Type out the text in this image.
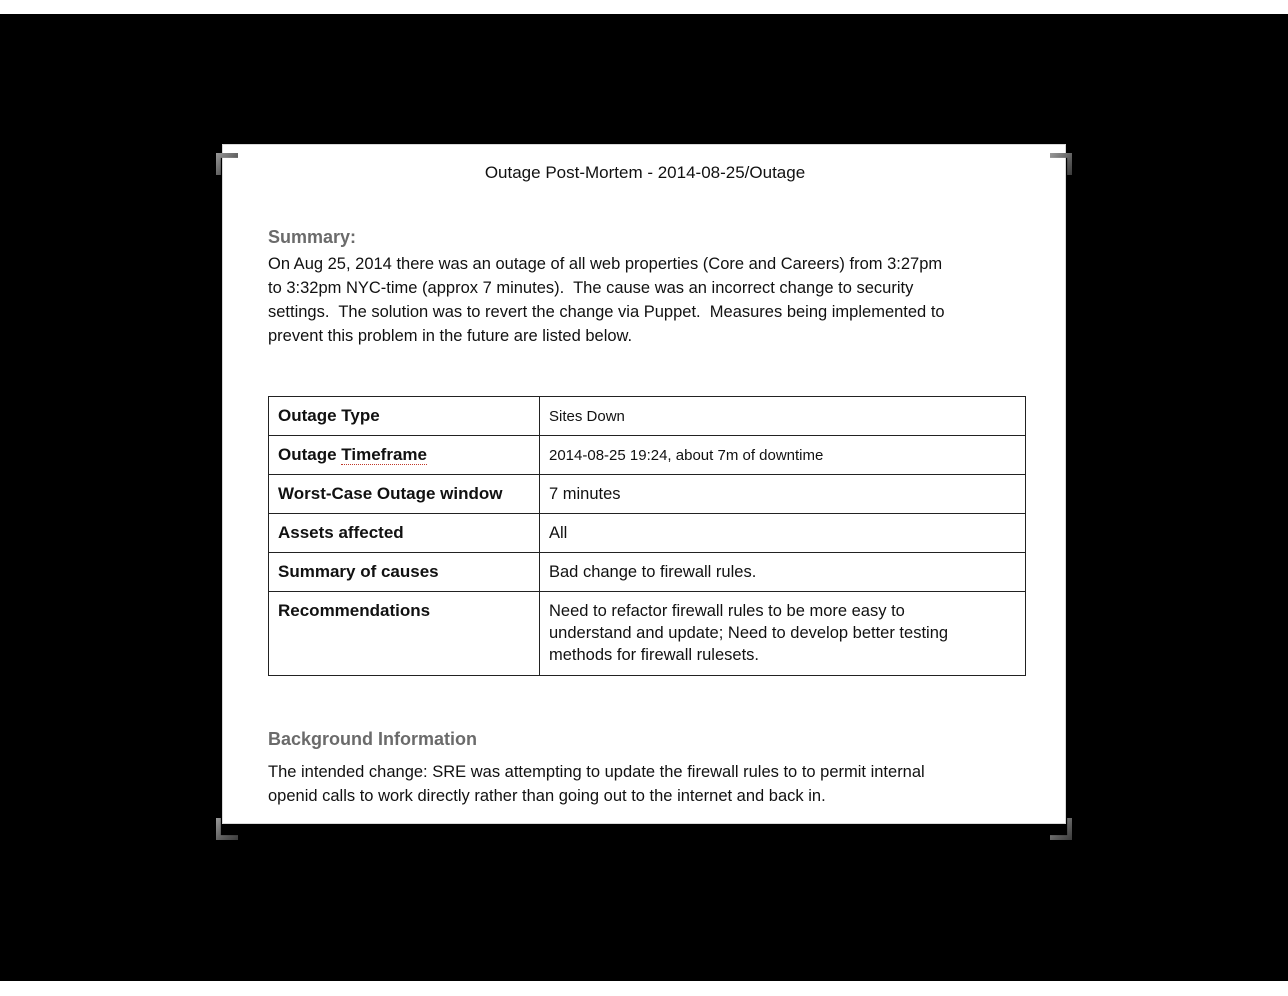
Outage Post-Mortem - 2014-08-25/Outage
Summary:
On Aug 25, 2014 there was an outage of all web properties (Core and Careers) from 3:27pm
to 3:32pm NYC-time (approx 7 minutes).  The cause was an incorrect change to security
settings.  The solution was to revert the change via Puppet.  Measures being implemented to
prevent this problem in the future are listed below.
Outage Type	Sites Down
Outage Timeframe	2014-08-25 19:24, about 7m of downtime
Worst-Case Outage window	7 minutes
Assets affected	All
Summary of causes	Bad change to firewall rules.
Recommendations	Need to refactor firewall rules to be more easy to
understand and update; Need to develop better testing
methods for firewall rulesets.
Background Information
The intended change: SRE was attempting to update the firewall rules to to permit internal
openid calls to work directly rather than going out to the internet and back in.
